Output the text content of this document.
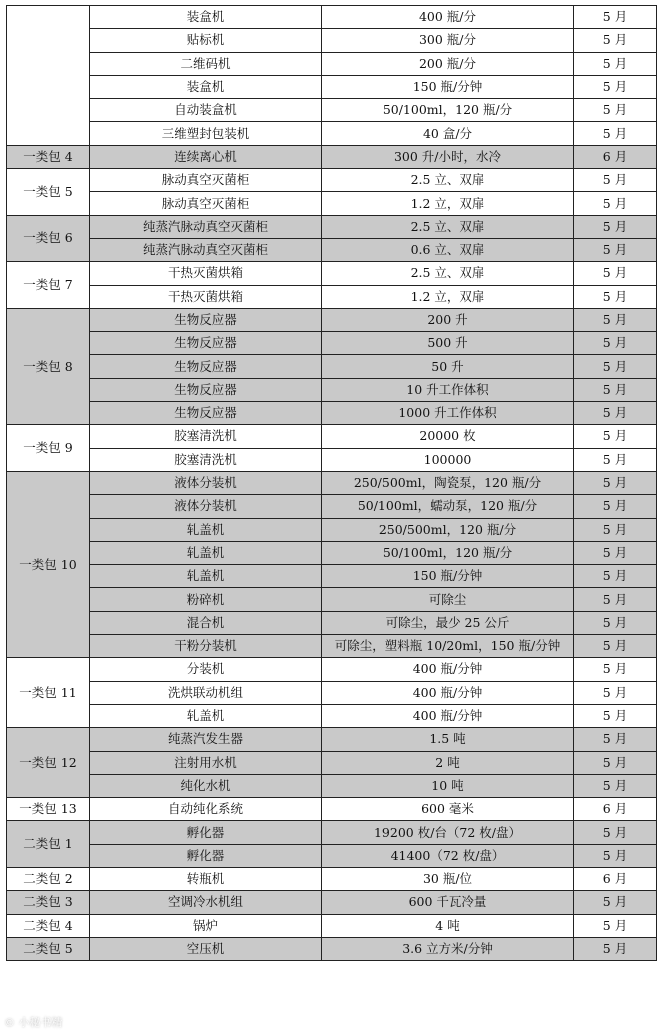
	装盒机	400 瓶/分	5 月
	贴标机	300 瓶/分	5 月
	二维码机	200 瓶/分	5 月
	装盒机	150 瓶/分钟	5 月
	自动装盒机	50/100ml，120 瓶/分	5 月
	三维塑封包装机	40 盒/分	5 月
一类包 4	连续离心机	300 升/小时，水冷	6 月
一类包 5	脉动真空灭菌柜	2.5 立、双扉	5 月
	脉动真空灭菌柜	1.2 立，双扉	5 月
一类包 6	纯蒸汽脉动真空灭菌柜	2.5 立、双扉	5 月
	纯蒸汽脉动真空灭菌柜	0.6 立、双扉	5 月
一类包 7	干热灭菌烘箱	2.5 立、双扉	5 月
	干热灭菌烘箱	1.2 立，双扉	5 月
一类包 8	生物反应器	200 升	5 月
	生物反应器	500 升	5 月
	生物反应器	50 升	5 月
	生物反应器	10 升工作体积	5 月
	生物反应器	1000 升工作体积	5 月
一类包 9	胶塞清洗机	20000 枚	5 月
	胶塞清洗机	100000	5 月
一类包 10	液体分装机	250/500ml，陶瓷泵，120 瓶/分	5 月
	液体分装机	50/100ml，蠕动泵，120 瓶/分	5 月
	轧盖机	250/500ml，120 瓶/分	5 月
	轧盖机	50/100ml，120 瓶/分	5 月
	轧盖机	150 瓶/分钟	5 月
	粉碎机	可除尘	5 月
	混合机	可除尘，最少 25 公斤	5 月
	干粉分装机	可除尘，塑料瓶 10/20ml，150 瓶/分钟	5 月
一类包 11	分装机	400 瓶/分钟	5 月
	洗烘联动机组	400 瓶/分钟	5 月
	轧盖机	400 瓶/分钟	5 月
一类包 12	纯蒸汽发生器	1.5 吨	5 月
	注射用水机	2 吨	5 月
	纯化水机	10 吨	5 月
一类包 13	自动纯化系统	600 毫米	6 月
二类包 1	孵化器	19200 枚/台（72 枚/盘）	5 月
	孵化器	41400（72 枚/盘）	5 月
二类包 2	转瓶机	30 瓶/位	6 月
二类包 3	空调冷水机组	600 千瓦冷量	5 月
二类包 4	锅炉	4 吨	5 月
二类包 5	空压机	3.6 立方米/分钟	5 月
© 小秘书精
